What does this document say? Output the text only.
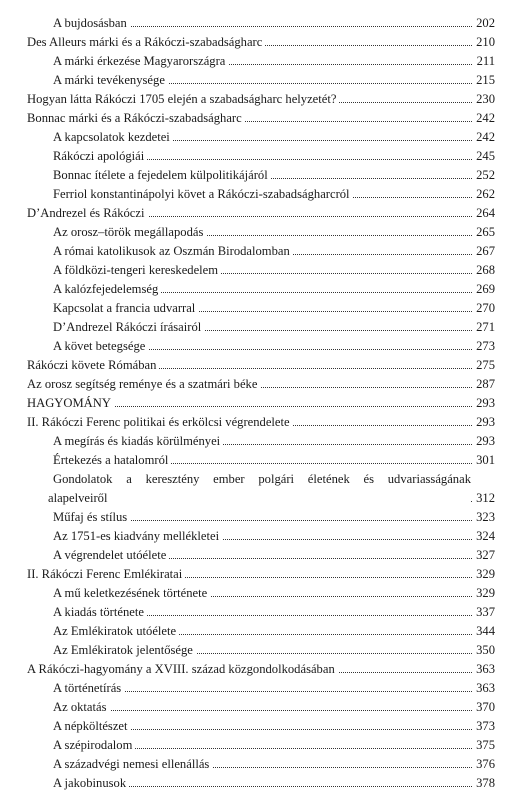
A bujdosásban	202
Des Alleurs márki és a Rákóczi-szabadságharc	210
A márki érkezése Magyarországra	211
A márki tevékenysége	215
Hogyan látta Rákóczi 1705 elején a szabadságharc helyzetét?	230
Bonnac márki és a Rákóczi-szabadságharc	242
A kapcsolatok kezdetei	242
Rákóczi apológiái	245
Bonnac ítélete a fejedelem külpolitikájáról	252
Ferriol konstantinápolyi követ a Rákóczi-szabadságharcról	262
D’Andrezel és Rákóczi	264
Az orosz–török megállapodás	265
A római katolikusok az Oszmán Birodalomban	267
A földközi-tengeri kereskedelem	268
A kalózfejedelemség	269
Kapcsolat a francia udvarral	270
D’Andrezel Rákóczi írásairól	271
A követ betegsége	273
Rákóczi követe Rómában	275
Az orosz segítség reménye és a szatmári béke	287
HAGYOMÁNY	293
II. Rákóczi Ferenc politikai és erkölcsi végrendelete	293
A megírás és kiadás körülményei	293
Értekezés a hatalomról	301
Gondolatok a keresztény ember polgári életének és udvariasságának
alapelveiről	312
Műfaj és stílus	323
Az 1751-es kiadvány mellékletei	324
A végrendelet utóélete	327
II. Rákóczi Ferenc Emlékiratai	329
A mű keletkezésének története	329
A kiadás története	337
Az Emlékiratok utóélete	344
Az Emlékiratok jelentősége	350
A Rákóczi-hagyomány a XVIII. század közgondolkodásában	363
A történetírás	363
Az oktatás	370
A népköltészet	373
A szépirodalom	375
A századvégi nemesi ellenállás	376
A jakobinusok	378
